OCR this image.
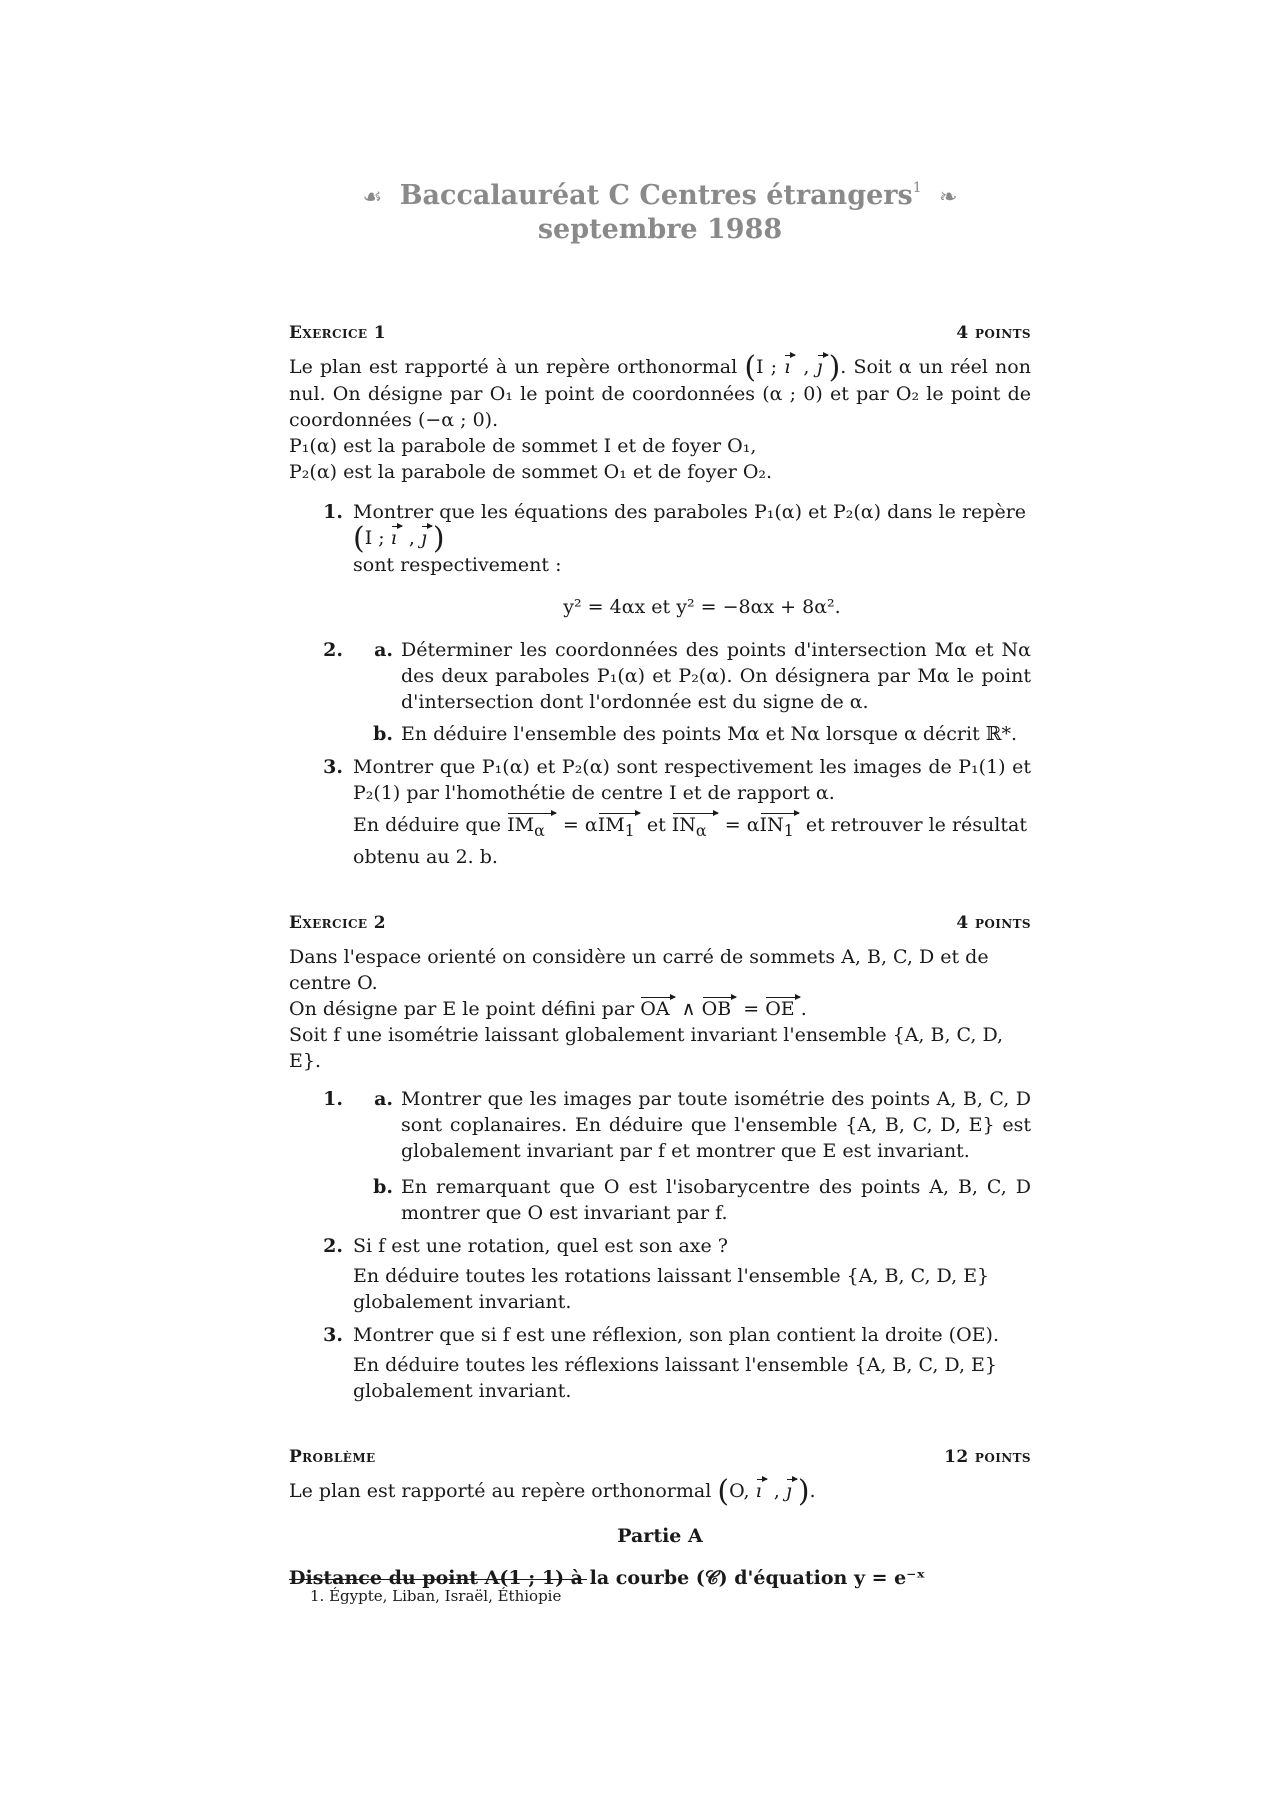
☙ Baccalauréat C Centres étrangers$^1$ ❧
septembre 1988
Exercice 1	4 points

Le plan est rapporté à un repère orthonormal (I ; ı  , ȷ ). Soit α un réel non nul. On désigne par O₁ le point de coordonnées (α ; 0) et par O₂ le point de coordonnées (−α ; 0).

P₁(α) est la parabole de sommet I et de foyer O₁,

P₂(α) est la parabole de sommet O₁ et de foyer O₂.

1. Montrer que les équations des paraboles P₁(α) et P₂(α) dans le repère (I ; ı  , ȷ )
sont respectivement :
y² = 4αx et y² = −8αx + 8α².
2.	a. Déterminer les coordonnées des points d'intersection Mα et Nα des deux paraboles P₁(α) et P₂(α). On désignera par Mα le point d'intersection dont l'ordonnée est du signe de α.
b. En déduire l'ensemble des points Mα et Nα lorsque α décrit ℝ*.
3. Montrer que P₁(α) et P₂(α) sont respectivement les images de P₁(1) et P₂(1) par l'homothétie de centre I et de rapport α.
En déduire que $IM_\alpha = \alpha IM_1$  et $IN_\alpha = \alpha IN_1$ et retrouver le résultat obtenu au 2. b.
Exercice 2	4 points

Dans l'espace orienté on considère un carré de sommets A, B, C, D et de centre O.

On désigne par E le point défini par OA  ∧ OB  = OE .

Soit f une isométrie laissant globalement invariant l'ensemble {A, B, C, D, E}.

1.	a. Montrer que les images par toute isométrie des points A, B, C, D sont coplanaires. En déduire que l'ensemble {A, B, C, D, E} est globalement invariant par f et montrer que E est invariant.
b. En remarquant que O est l'isobarycentre des points A, B, C, D montrer que O est invariant par f.
2. Si f est une rotation, quel est son axe ?
En déduire toutes les rotations laissant l'ensemble {A, B, C, D, E} globalement invariant.
3. Montrer que si f est une réflexion, son plan contient la droite (OE).
En déduire toutes les réflexions laissant l'ensemble {A, B, C, D, E} globalement invariant.
Problème	12 points

Le plan est rapporté au repère orthonormal (O, ı  , ȷ ).

Partie A
Distance du point A(1 ; 1) à la courbe (𝒞) d'équation y = e⁻ˣ
1. Égypte, Liban, Israël, Éthiopie
